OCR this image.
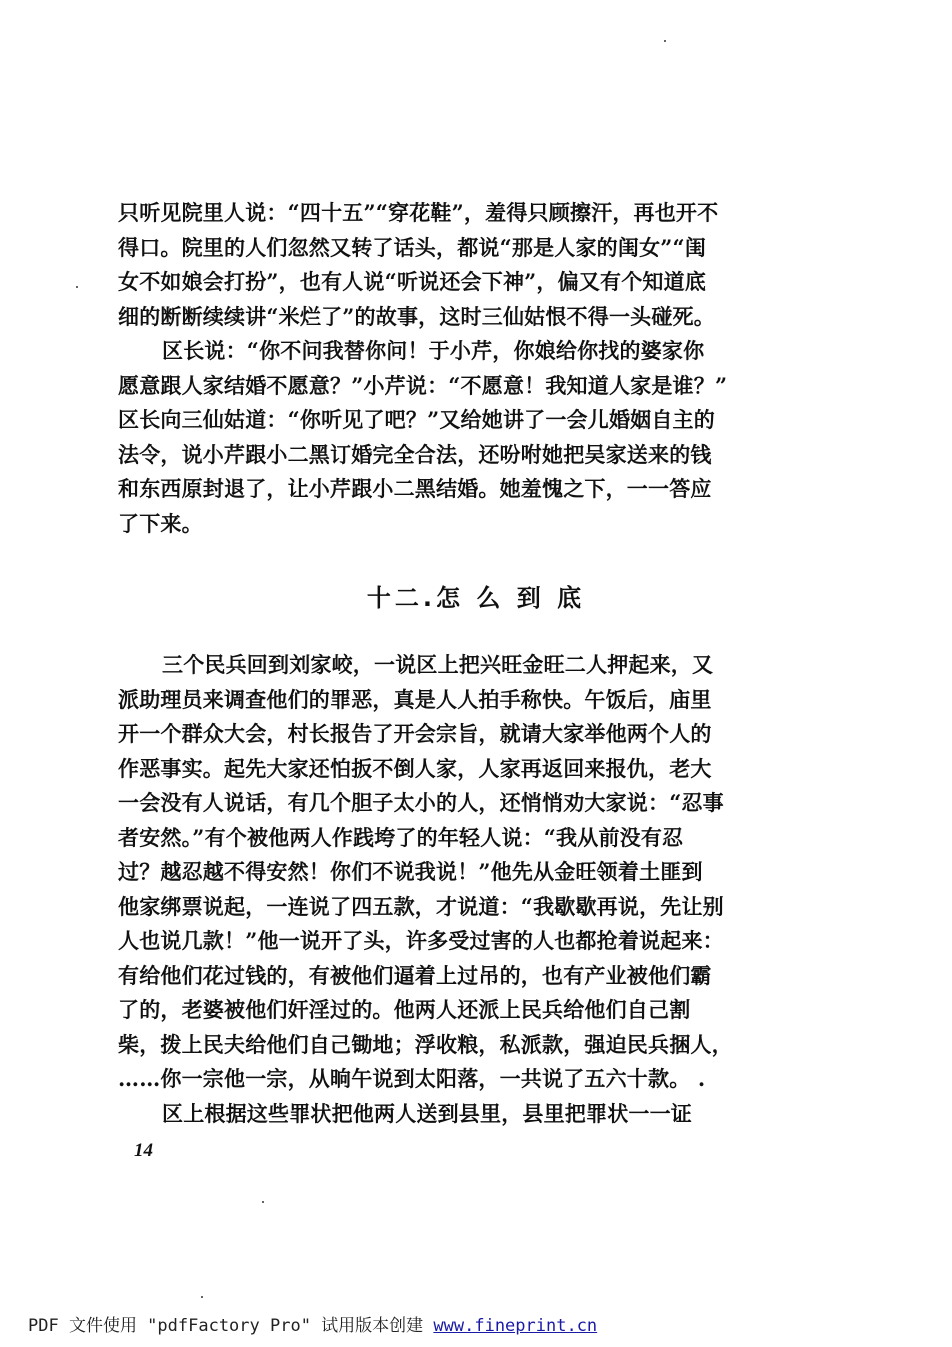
只听见院里人说：“四十五”“穿花鞋”，羞得只顾擦汗，再也开不
得口。院里的人们忽然又转了话头，都说“那是人家的闺女”“闺
女不如娘会打扮”，也有人说“听说还会下神”，偏又有个知道底
细的断断续续讲“米烂了”的故事，这时三仙姑恨不得一头碰死。
区长说：“你不问我替你问！于小芹，你娘给你找的婆家你
愿意跟人家结婚不愿意？”小芹说：“不愿意！我知道人家是谁？”
区长向三仙姑道：“你听见了吧？”又给她讲了一会儿婚姻自主的
法令，说小芹跟小二黑订婚完全合法，还吩咐她把吴家送来的钱
和东西原封退了，让小芹跟小二黑结婚。她羞愧之下，一一答应
了下来。
十二.怎 么 到 底
三个民兵回到刘家峧，一说区上把兴旺金旺二人押起来，又
派助理员来调查他们的罪恶，真是人人拍手称快。午饭后，庙里
开一个群众大会，村长报告了开会宗旨，就请大家举他两个人的
作恶事实。起先大家还怕扳不倒人家，人家再返回来报仇，老大
一会没有人说话，有几个胆子太小的人，还悄悄劝大家说：“忍事
者安然。”有个被他两人作践垮了的年轻人说：“我从前没有忍
过？越忍越不得安然！你们不说我说！”他先从金旺领着土匪到
他家绑票说起，一连说了四五款，才说道：“我歇歇再说，先让别
人也说几款！”他一说开了头，许多受过害的人也都抢着说起来：
有给他们花过钱的，有被他们逼着上过吊的，也有产业被他们霸
了的，老婆被他们奸淫过的。他两人还派上民兵给他们自己割
柴，拨上民夫给他们自己锄地；浮收粮，私派款，强迫民兵捆人，
……你一宗他一宗，从晌午说到太阳落，一共说了五六十款。 .
区上根据这些罪状把他两人送到县里，县里把罪状一一证
14
PDF 文件使用 "pdfFactory Pro" 试用版本创建 www.fineprint.cn
